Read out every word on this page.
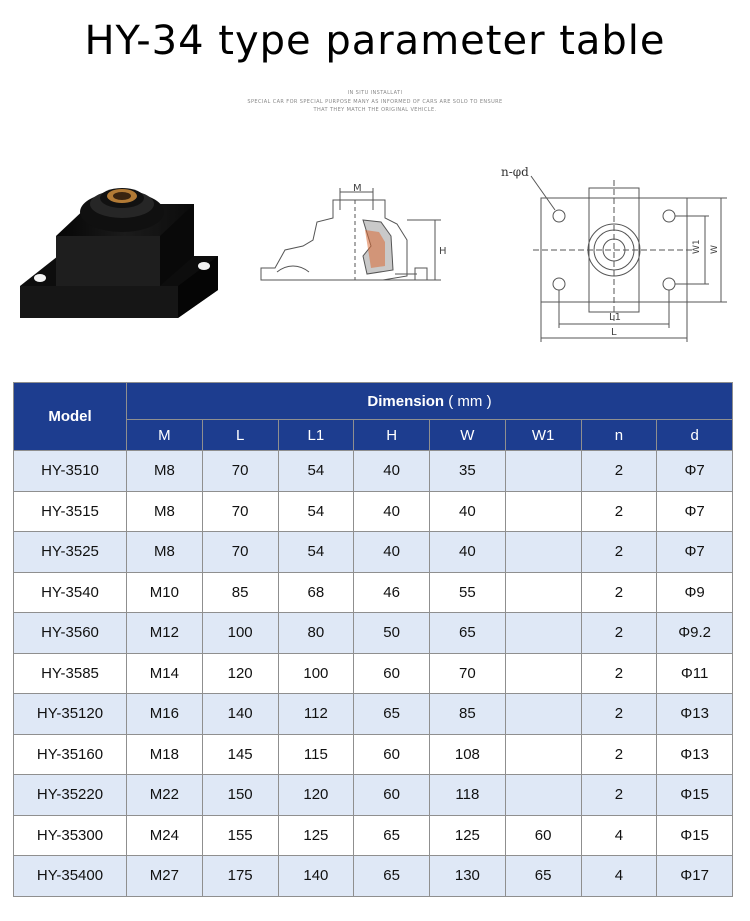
HY-34 type parameter table
IN SITU INSTALLATI
SPECIAL CAR FOR SPECIAL PURPOSE MANY AS INFORMED OF CARS ARE SOLO TO ENSURE
THAT THEY MATCH THE ORIGINAL VEHICLE.
M
H
n-φd
L1
L
W1 W
Model	Dimension ( mm )							
	M	L	L1	H	W	W1	n	d
HY-3510	M8	70	54	40	35		2	Φ7
HY-3515	M8	70	54	40	40		2	Φ7
HY-3525	M8	70	54	40	40		2	Φ7
HY-3540	M10	85	68	46	55		2	Φ9
HY-3560	M12	100	80	50	65		2	Φ9.2
HY-3585	M14	120	100	60	70		2	Φ11
HY-35120	M16	140	112	65	85		2	Φ13
HY-35160	M18	145	115	60	108		2	Φ13
HY-35220	M22	150	120	60	118		2	Φ15
HY-35300	M24	155	125	65	125	60	4	Φ15
HY-35400	M27	175	140	65	130	65	4	Φ17
